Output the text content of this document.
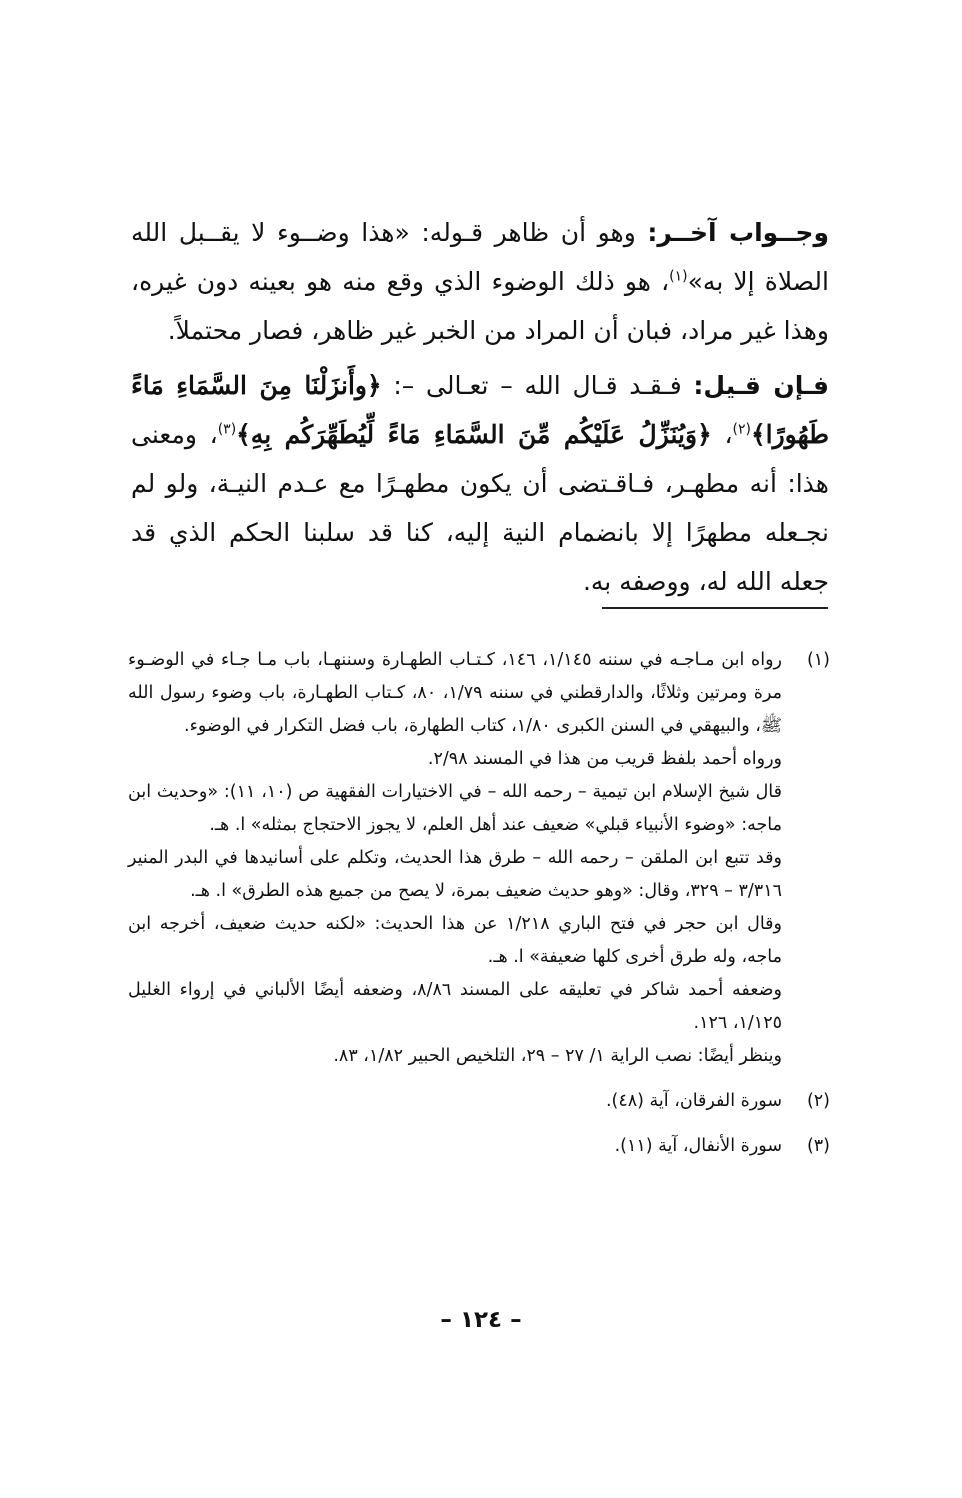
وجــواب آخــر: وهو أن ظاهر قـوله: «هذا وضــوء لا يقــبل الله الصلاة إلا به»$^{(١)}$، هو ذلك الوضوء الذي وقع منه هو بعينه دون غيره، وهذا غير مراد، فبان أن المراد من الخبر غير ظاهر، فصار محتملاً.

فـإن قـيل: فـقـد قـال الله – تعـالى –: ﴿وأَنزَلْنَا مِنَ السَّمَاءِ مَاءً طَهُورًا﴾$^{(٢)}$، ﴿وَيُنَزِّلُ عَلَيْكُم مِّنَ السَّمَاءِ مَاءً لِّيُطَهِّرَكُم بِهِ﴾$^{(٣)}$، ومعنى هذا: أنه مطهـر، فـاقـتضى أن يكون مطهـرًا مع عـدم النيـة، ولو لم نجـعله مطهرًا إلا بانضمام النية إليه، كنا قد سلبنا الحكم الذي قد جعله الله له، ووصفه به.

(١)

رواه ابن مـاجـه في سننه ١/١٤٥، ١٤٦، كـتـاب الطهـارة وسننهـا، باب مـا جـاء في الوضـوء مرة ومرتين وثلاثًا، والدارقطني في سننه ١/٧٩، ٨٠، كـتاب الطهـارة، باب وضوء رسول الله ﷺ، والبيهقي في السنن الكبرى ١/٨٠، كتاب الطهارة، باب فضل التكرار في الوضوء.

ورواه أحمد بلفظ قريب من هذا في المسند ٢/٩٨.

قال شيخ الإسلام ابن تيمية – رحمه الله – في الاختيارات الفقهية ص (١٠، ١١): «وحديث ابن ماجه: «وضوء الأنبياء قبلي» ضعيف عند أهل العلم، لا يجوز الاحتجاج بمثله» ا. هـ.

وقد تتبع ابن الملقن – رحمه الله – طرق هذا الحديث، وتكلم على أسانيدها في البدر المنير ٣/٣١٦ – ٣٢٩، وقال: «وهو حديث ضعيف بمرة، لا يصح من جميع هذه الطرق» ا. هـ.

وقال ابن حجر في فتح الباري ١/٢١٨ عن هذا الحديث: «لكنه حديث ضعيف، أخرجه ابن ماجه، وله طرق أخرى كلها ضعيفة» ا. هـ.

وضعفه أحمد شاكر في تعليقه على المسند ٨/٨٦، وضعفه أيضًا الألباني في إرواء الغليل ١/١٢٥، ١٢٦.

وينظر أيضًا: نصب الراية ١/ ٢٧ – ٢٩، التلخيص الحبير ١/٨٢، ٨٣.

(٢)

سورة الفرقان، آية (٤٨).

(٣)

سورة الأنفال، آية (١١).

– ١٢٤ –
